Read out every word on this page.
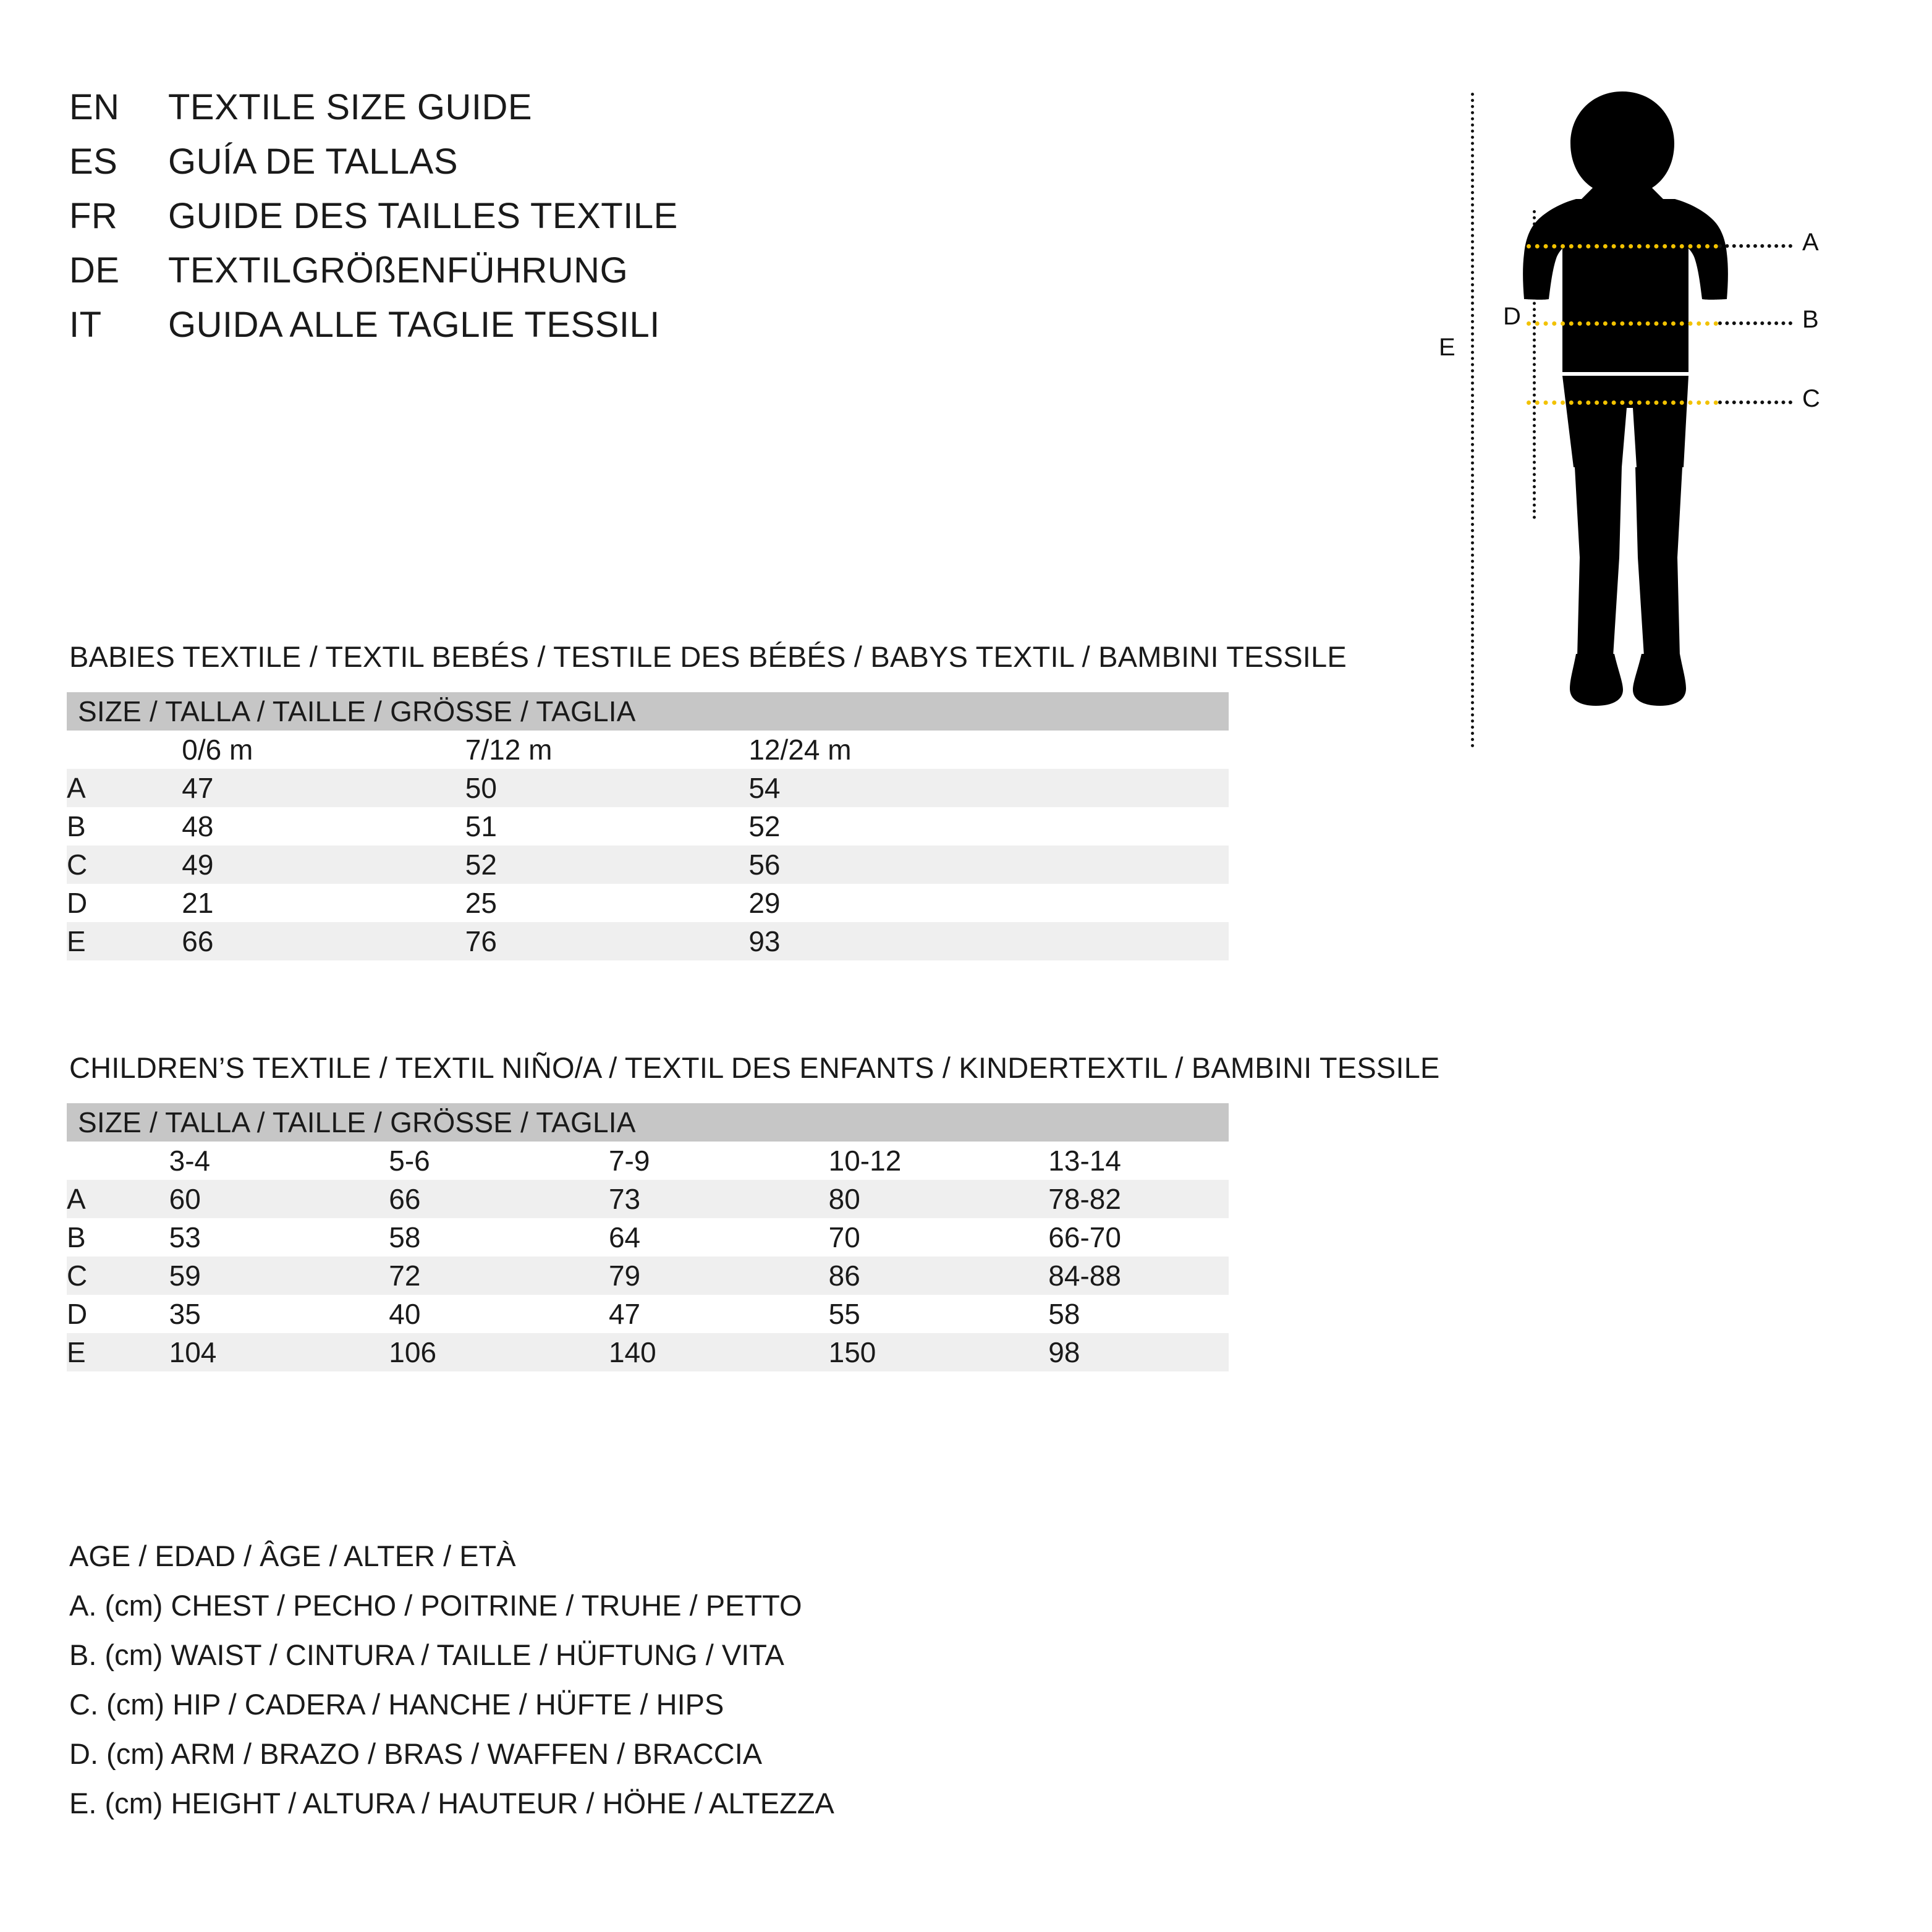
EN	TEXTILE SIZE GUIDE
ES	GUÍA DE TALLAS
FR	GUIDE DES TAILLES TEXTILE
DE	TEXTILGRÖßENFÜHRUNG
IT	GUIDA ALLE TAGLIE TESSILI
E
D
A
B
C
BABIES TEXTILE / TEXTIL BEBÉS / TESTILE DES BÉBÉS / BABYS TEXTIL / BAMBINI TESSILE
SIZE / TALLA / TAILLE / GRÖSSE / TAGLIA				
	0/6 m	7/12 m	12/24 m	
A	47	50	54	
B	48	51	52	
C	49	52	56	
D	21	25	29	
E	66	76	93	
CHILDREN’S TEXTILE / TEXTIL NIÑO/A / TEXTIL DES ENFANTS / KINDERTEXTIL / BAMBINI TESSILE
SIZE / TALLA / TAILLE / GRÖSSE / TAGLIA					
	3-4	5-6	7-9	10-12	13-14
A	60	66	73	80	78-82
B	53	58	64	70	66-70
C	59	72	79	86	84-88
D	35	40	47	55	58
E	104	106	140	150	98
AGE / EDAD / ÂGE / ALTER / ETÀ
A. (cm) CHEST / PECHO / POITRINE / TRUHE / PETTO
B. (cm) WAIST / CINTURA / TAILLE / HÜFTUNG / VITA
C. (cm) HIP / CADERA / HANCHE / HÜFTE / HIPS
D. (cm) ARM / BRAZO / BRAS / WAFFEN / BRACCIA
E. (cm) HEIGHT / ALTURA / HAUTEUR / HÖHE / ALTEZZA
